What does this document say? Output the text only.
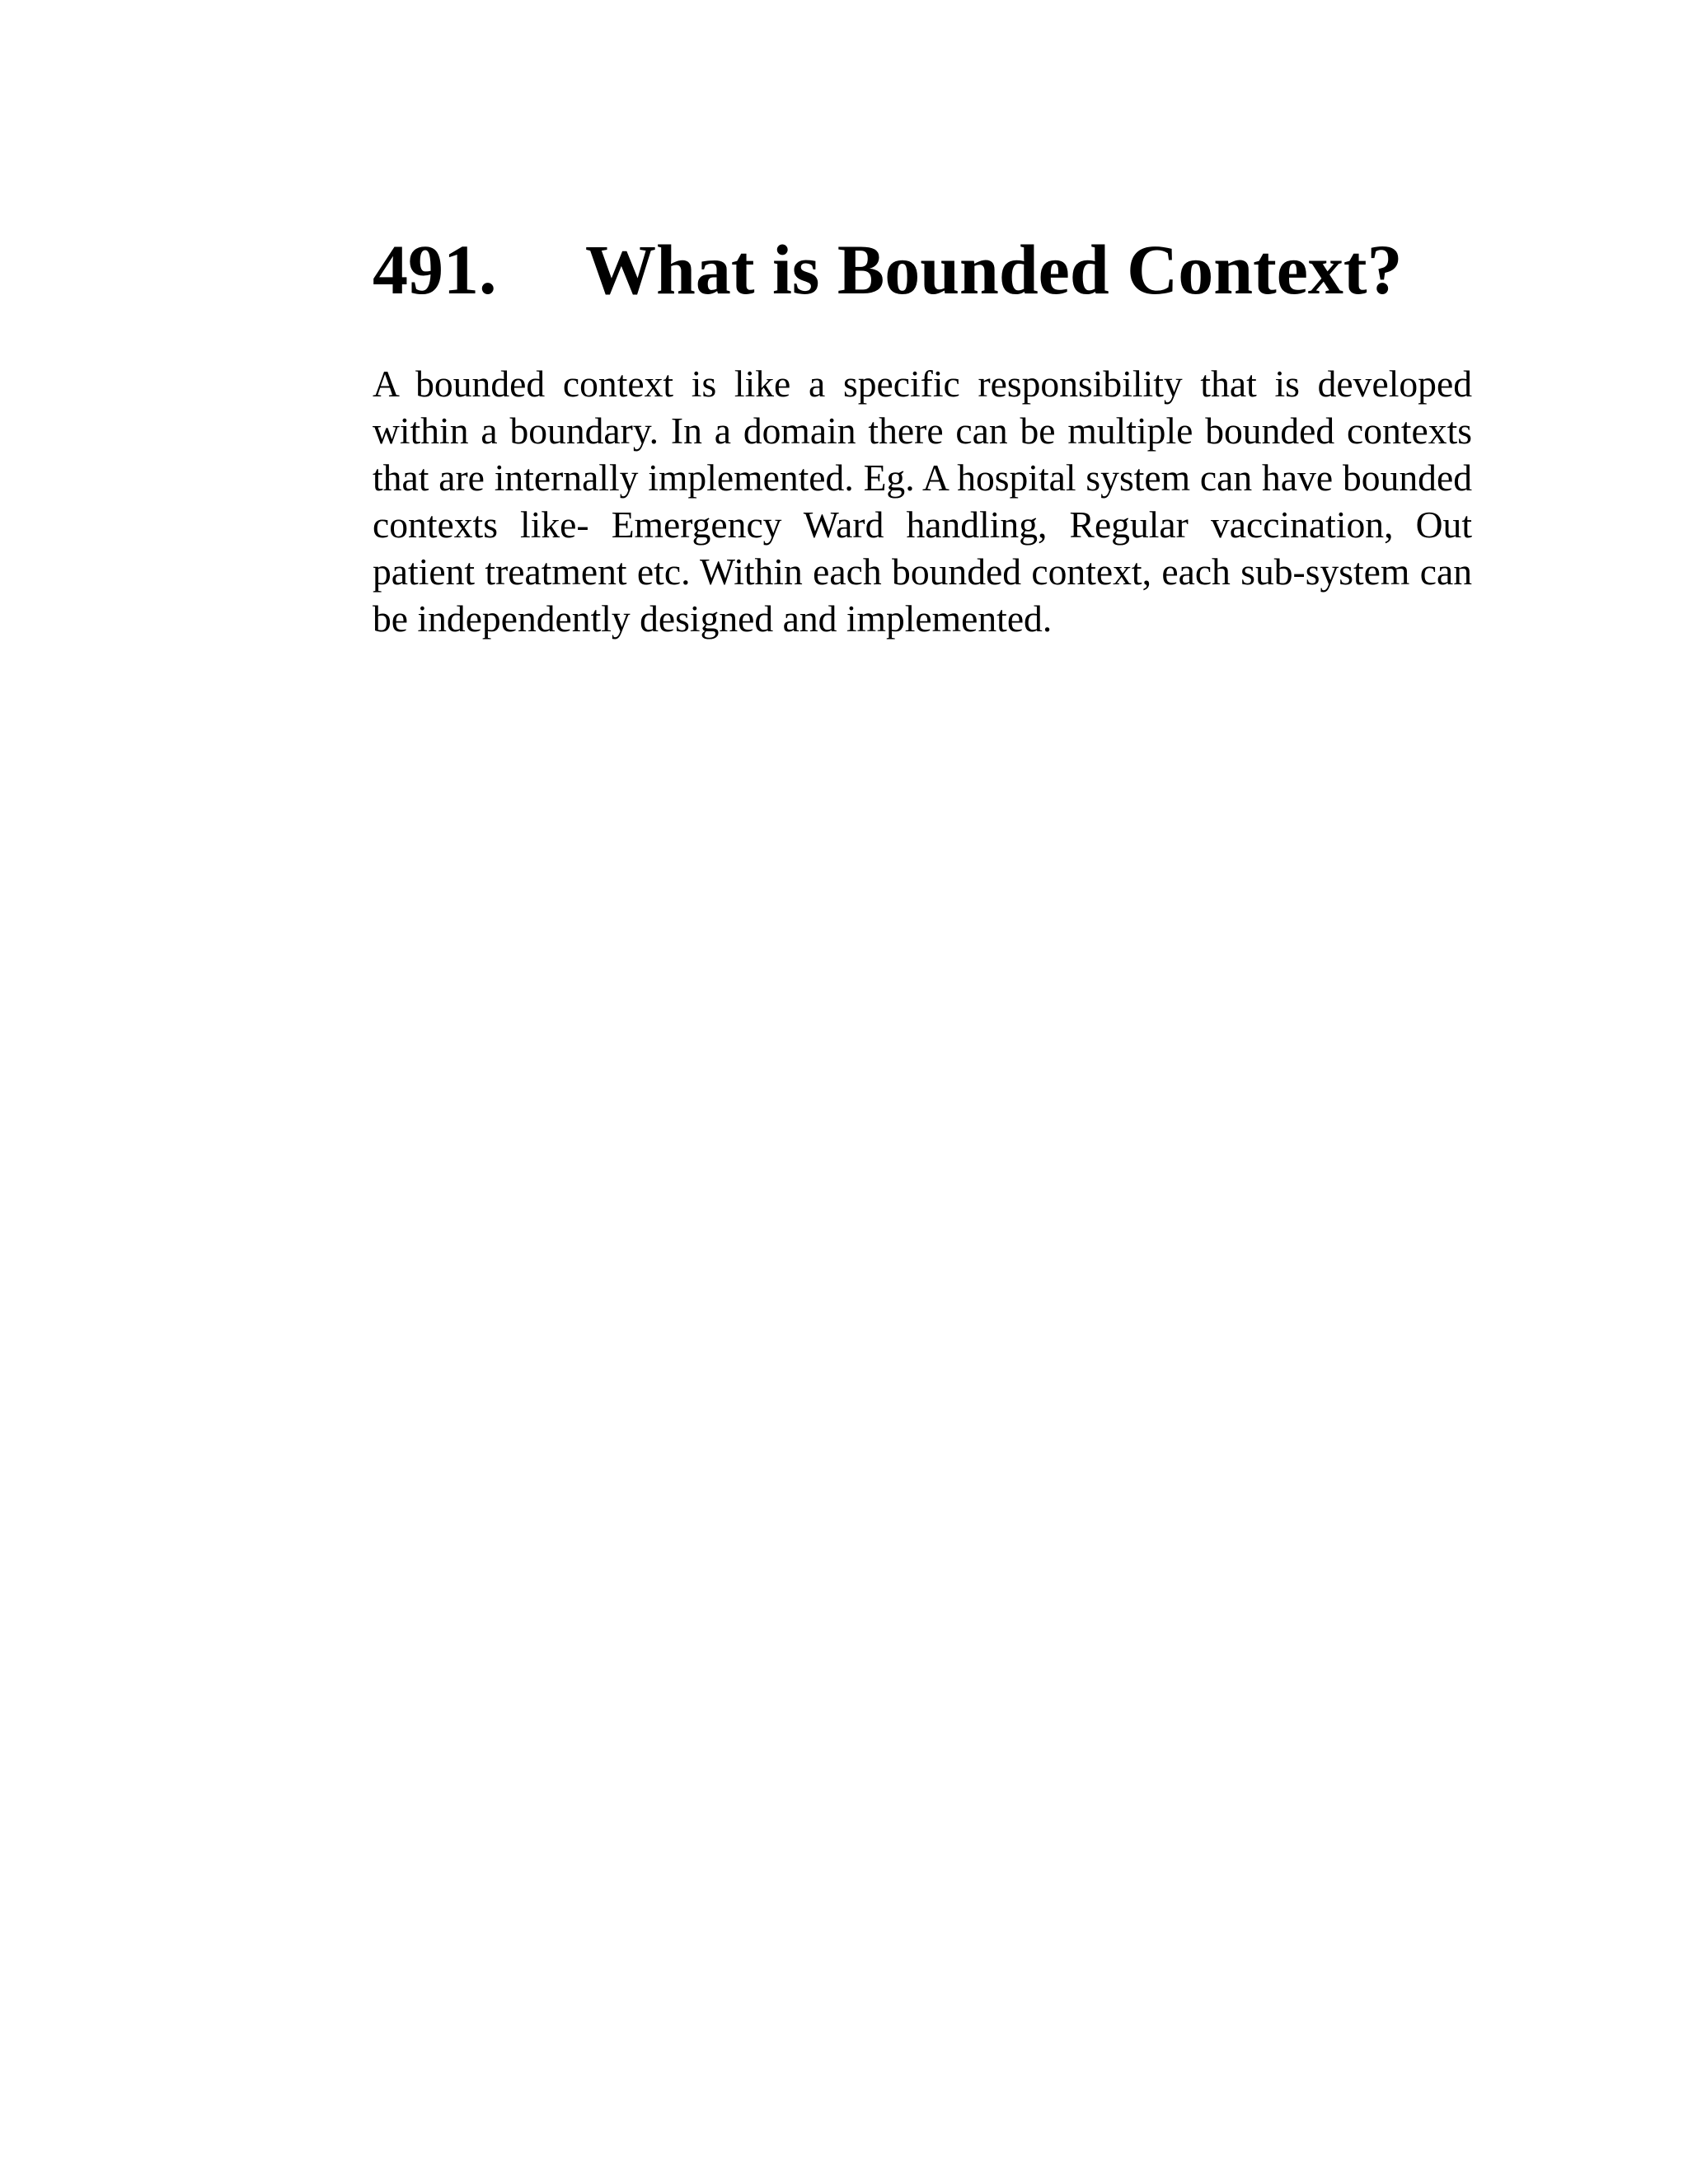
491. What is Bounded Context?

A bounded context is like a specific responsibility that is developed within a boundary. In a domain there can be multiple bounded contexts that are internally implemented. Eg. A hospital system can have bounded contexts like- Emergency Ward handling, Regular vaccination, Out patient treatment etc. Within each bounded context, each sub-system can be independently designed and implemented.
